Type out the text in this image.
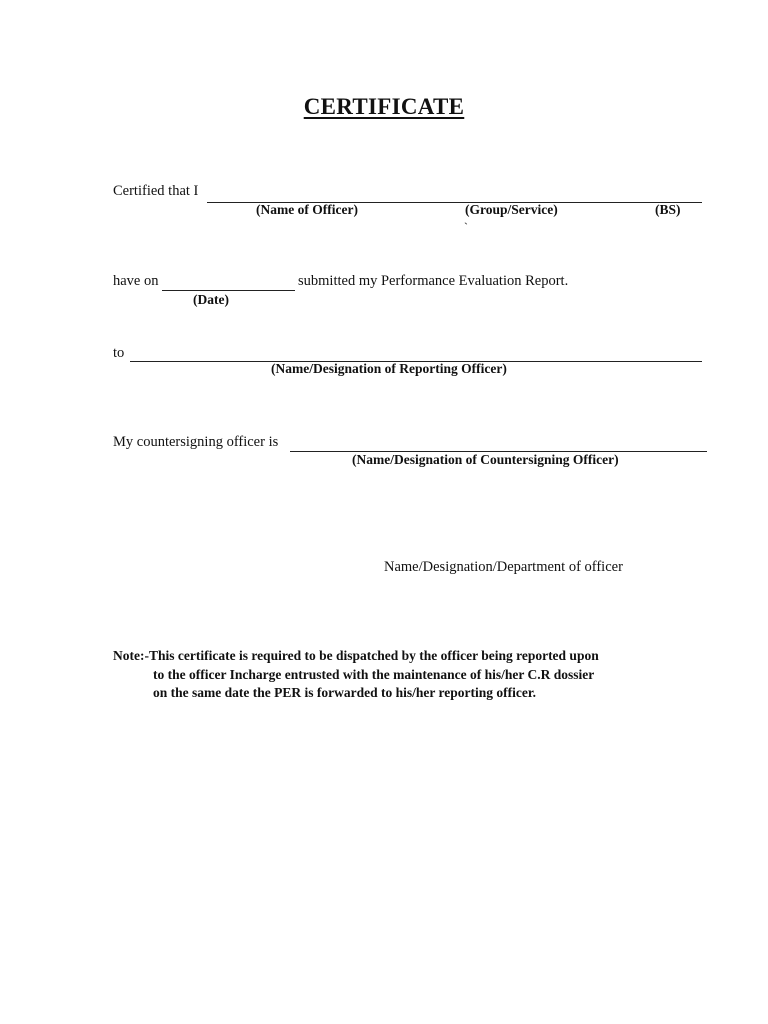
CERTIFICATE
Certified that I
(Name of Officer)	(Group/Service)	(BS)
`
have on	submitted my Performance Evaluation Report.
(Date)
to
(Name/Designation of Reporting Officer)
My countersigning officer is
(Name/Designation of Countersigning Officer)
Name/Designation/Department of officer
Note:-This certificate is required to be dispatched by the officer being reported upon
to the officer Incharge entrusted with the maintenance of his/her C.R dossier
on the same date the PER is forwarded to his/her reporting officer.
